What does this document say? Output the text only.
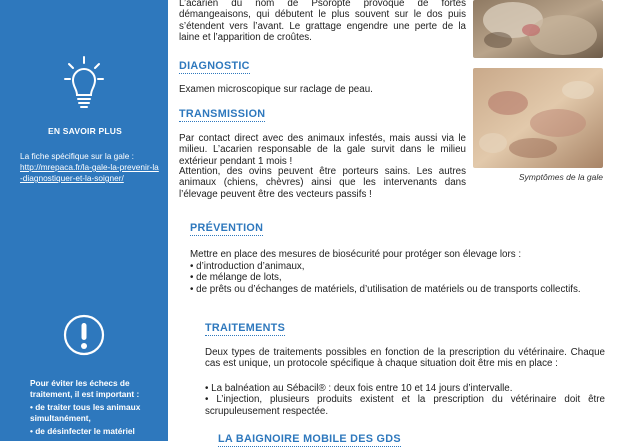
EN SAVOIR PLUS
La fiche spécifique sur la gale :
http://mrepaca.fr/la-gale-la-prevenir-la-diagnostiquer-et-la-soigner/
Pour éviter les échecs de traitement, il est important :
• de traiter tous les animaux simultanément,
• de désinfecter le matériel

L’acarien du nom de Psoropte provoque de fortes démangeaisons, qui débutent le plus souvent sur le dos puis s’étendent vers l’avant. Le grattage engendre une perte de la laine et l’apparition de croûtes.

DIAGNOSTIC

Examen microscopique sur raclage de peau.

TRANSMISSION

Par contact direct avec des animaux infestés, mais aussi via le milieu. L’acarien responsable de la gale survit dans le milieu extérieur pendant 1 mois !

Attention, des ovins peuvent être porteurs sains. Les autres animaux (chiens, chèvres) ainsi que les intervenants dans l’élevage peuvent être des vecteurs passifs !

PRÉVENTION

Mettre en place des mesures de biosécurité pour protéger son élevage lors :

• d’introduction d’animaux,
• de mélange de lots,
• de prêts ou d’échanges de matériels, d’utilisation de matériels ou de transports collectifs.
TRAITEMENTS

Deux types de traitements possibles en fonction de la prescription du vétérinaire. Chaque cas est unique, un protocole spécifique à chaque situation doit être mis en place :

• La balnéation au Sébacil® : deux fois entre 10 et 14 jours d’intervalle.
• L’injection, plusieurs produits existent et la prescription du vétérinaire doit être scrupuleusement respectée.
LA BAIGNOIRE MOBILE DES GDS
Symptômes de la gale
